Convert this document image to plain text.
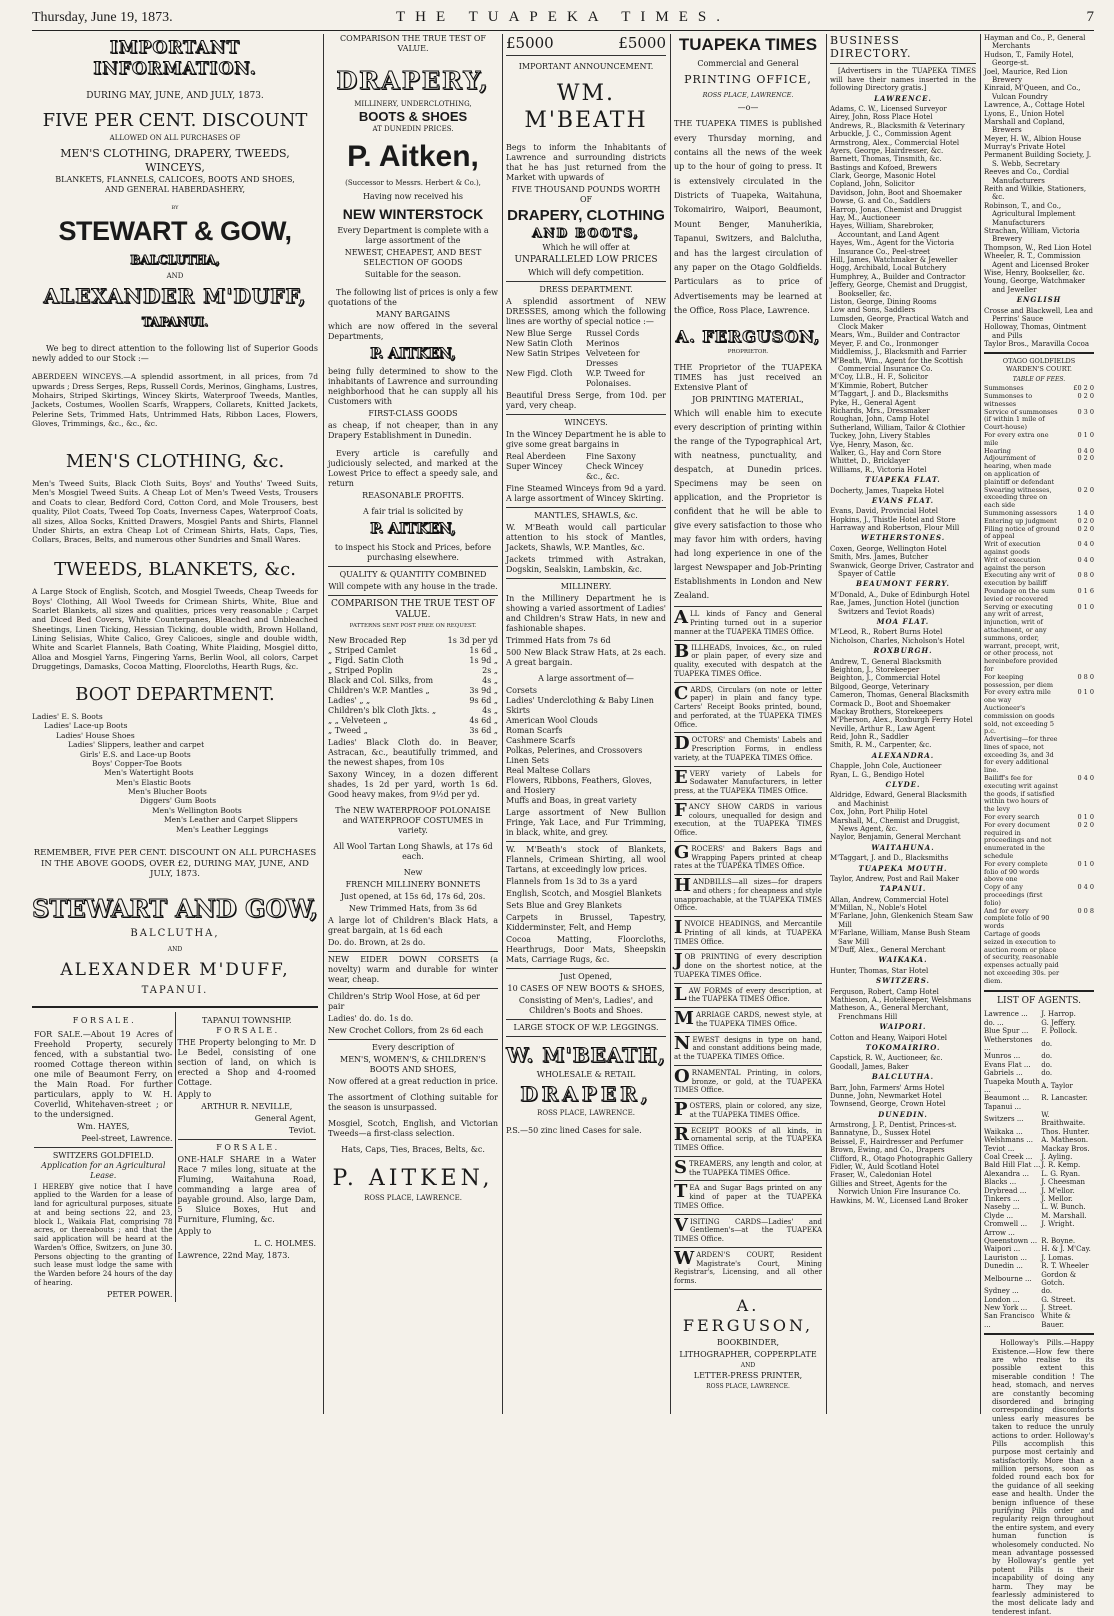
Thursday, June 19, 1873.	THE TUAPEKA TIMES.	7
IMPORTANT INFORMATION.
DURING MAY, JUNE, AND JULY, 1873.
FIVE PER CENT. DISCOUNT
ALLOWED ON ALL PURCHASES OF
MEN'S CLOTHING, DRAPERY, TWEEDS, WINCEYS,
BLANKETS, FLANNELS, CALICOES, BOOTS AND SHOES,
AND GENERAL HABERDASHERY,
BY
STEWART & GOW,
BALCLUTHA,
AND
ALEXANDER M'DUFF,
TAPANUI.

We beg to direct attention to the following list of Superior Goods newly added to our Stock :—

ABERDEEN WINCEYS.—A splendid assortment, in all prices, from 7d upwards ; Dress Serges, Reps, Russell Cords, Merinos, Ginghams, Lustres, Mohairs, Striped Skirtings, Wincey Skirts, Waterproof Tweeds, Mantles, Jackets, Costumes, Woollen Scarfs, Wrappers, Collarets, Knitted Jackets, Pelerine Sets, Trimmed Hats, Untrimmed Hats, Ribbon Laces, Flowers, Gloves, Trimmings, &c., &c., &c.

MEN'S CLOTHING, &c.

Men's Tweed Suits, Black Cloth Suits, Boys' and Youths' Tweed Suits, Men's Mosgiel Tweed Suits. A Cheap Lot of Men's Tweed Vests, Trousers and Coats to clear, Bedford Cord, Cotton Cord, and Mole Trousers, best quality, Pilot Coats, Tweed Top Coats, Inverness Capes, Waterproof Coats, all sizes, Alloa Socks, Knitted Drawers, Mosgiel Pants and Shirts, Flannel Under Shirts, an extra Cheap Lot of Crimean Shirts, Hats, Caps, Ties, Collars, Braces, Belts, and numerous other Sundries and Small Wares.

TWEEDS, BLANKETS, &c.

A Large Stock of English, Scotch, and Mosgiel Tweeds, Cheap Tweeds for Boys' Clothing, All Wool Tweeds for Crimean Shirts, White, Blue and Scarlet Blankets, all sizes and qualities, prices very reasonable ; Carpet and Diced Bed Covers, White Counterpanes, Bleached and Unbleached Sheetings, Linen Ticking, Hessian Ticking, double width, Brown Holland, Lining Selisias, White Calico, Grey Calicoes, single and double width, White and Scarlet Flannels, Bath Coating, White Plaiding, Mosgiel ditto, Alloa and Mosgiel Yarns, Fingering Yarns, Berlin Wool, all colors, Carpet Druggetings, Damasks, Cocoa Matting, Floorcloths, Hearth Rugs, &c.

BOOT DEPARTMENT.
Ladies' E. S. Boots
Ladies' Lace-up Boots
Ladies' House Shoes
Ladies' Slippers, leather and carpet
Girls' E.S. and Lace-up Boots
Boys' Copper-Toe Boots
Men's Watertight Boots
Men's Elastic Boots
Men's Blucher Boots
Diggers' Gum Boots
Men's Wellington Boots
Men's Leather and Carpet Slippers
Men's Leather Leggings

REMEMBER, FIVE PER CENT. DISCOUNT ON ALL PURCHASES IN THE ABOVE GOODS, OVER £2, DURING MAY, JUNE, AND JULY, 1873.

STEWART AND GOW,
BALCLUTHA,
AND
ALEXANDER M'DUFF,
TAPANUI.
F O R S A L E .

FOR SALE.—About 19 Acres of Freehold Property, securely fenced, with a substantial two-roomed Cottage thereon within one mile of Beaumont Ferry, on the Main Road. For further particulars, apply to W. H. Coverlid, Whitehaven-street ; or to the undersigned.

Wm. HAYES,

Peel-street, Lawrence.

SWITZERS GOLDFIELD.
Application for an Agricultural Lease.

I HEREBY give notice that I have applied to the Warden for a lease of land for agricultural purposes, situate at and being sections 22, and 23, block I., Waikaia Flat, comprising 78 acres, or thereabouts ; and that the said application will be heard at the Warden's Office, Switzers, on June 30. Persons objecting to the granting of such lease must lodge the same with the Warden before 24 hours of the day of hearing.

PETER POWER.

TAPANUI TOWNSHIP.
F O R S A L E .

THE Property belonging to Mr. D Le Bedel, consisting of one section of land, on which is erected a Shop and 4-roomed Cottage.

Apply to

ARTHUR R. NEVILLE,

General Agent,

Teviot.

F O R S A L E .

ONE-HALF SHARE in a Water Race 7 miles long, situate at the Fluming, Waitahuna Road, commanding a large area of payable ground. Also, large Dam, 5 Sluice Boxes, Hut and Furniture, Fluming, &c.

Apply to

L. C. HOLMES.

Lawrence, 22nd May, 1873.

COMPARISON THE TRUE TEST OF VALUE.
DRAPERY,
MILLINERY, UNDERCLOTHING,
BOOTS & SHOES
AT DUNEDIN PRICES.
P. Aitken,
(Successor to Messrs. Herbert & Co.),
Having now received his
NEW WINTERSTOCK

Every Department is complete with a large assortment of the

NEWEST, CHEAPEST, AND BEST SELECTION OF GOODS

Suitable for the season.

The following list of prices is only a few quotations of the

MANY BARGAINS

which are now offered in the several Departments,

P. AITKEN,

being fully determined to show to the inhabitants of Lawrence and surrounding neighborhood that he can supply all his Customers with

FIRST-CLASS GOODS

as cheap, if not cheaper, than in any Drapery Establishment in Dunedin.

Every article is carefully and judiciously selected, and marked at the Lowest Price to effect a speedy sale, and return

REASONABLE PROFITS.

A fair trial is solicited by

P. AITKEN,

to inspect his Stock and Prices, before purchasing elsewhere.

QUALITY & QUANTITY COMBINED

Will compete with any house in the trade.

COMPARISON THE TRUE TEST OF VALUE.

PATTERNS SENT POST FREE ON REQUEST.

New Brocaded Rep	1s 3d per yd
„ Striped Camlet	1s 6d „
„ Figd. Satin Cloth	1s 9d „
„ Striped Poplin	2s „
Black and Col. Silks, from	4s „
Children's W.P. Mantles „	3s 9d „
Ladies' „ „	9s 6d „
Children's blk Cloth Jkts. „	4s „
„ „ Velveteen „	4s 6d „
„ Tweed „	3s 6d „

Ladies' Black Cloth do. in Beaver, Astracan, &c., beautifully trimmed, and the newest shapes, from 10s

Saxony Wincey, in a dozen different shades, 1s 2d per yard, worth 1s 6d. Good heavy makes, from 9½d per yd.

The NEW WATERPROOF POLONAISE and WATERPROOF COSTUMES in variety.

All Wool Tartan Long Shawls, at 17s 6d each.

New

FRENCH MILLINERY BONNETS

Just opened, at 15s 6d, 17s 6d, 20s.

New Trimmed Hats, from 3s 6d

A large lot of Children's Black Hats, a great bargain, at 1s 6d each

Do. do. Brown, at 2s do.

NEW EIDER DOWN CORSETS (a novelty) warm and durable for winter wear, cheap.

Children's Strip Wool Hose, at 6d per pair

Ladies' do. do. 1s do.

New Crochet Collors, from 2s 6d each

Every description of

MEN'S, WOMEN'S, & CHILDREN'S BOOTS AND SHOES,

Now offered at a great reduction in price.

The assortment of Clothing suitable for the season is unsurpassed.

Mosgiel, Scotch, English, and Victorian Tweeds—a first-class selection.

Hats, Caps, Ties, Braces, Belts, &c.

P. AITKEN,

ROSS PLACE, LAWRENCE.

£5000	£5000
IMPORTANT ANNOUNCEMENT.
WM. M'BEATH

Begs to inform the Inhabitants of Lawrence and surrounding districts that he has just returned from the Market with upwards of

FIVE THOUSAND POUNDS WORTH OF

DRAPERY, CLOTHING
AND BOOTS,

Which he will offer at

UNPARALLELED LOW PRICES

Which will defy competition.

DRESS DEPARTMENT.

A splendid assortment of NEW DRESSES, among which the following lines are worthy of special notice :—

New Blue Serge	Russel Cords
New Satin Cloth	Merinos
New Satin Stripes Velveteen for Dresses
New Figd. Cloth	W.P. Tweed for Polonaises.

Beautiful Dress Serge, from 10d. per yard, very cheap.

WINCEYS.

In the Wincey Department he is able to give some great bargains in

Real Aberdeen	Fine Saxony
Super Wincey	Check Wincey
&c., &c.

Fine Steamed Winceys from 9d a yard. A large assortment of Wincey Skirting.

MANTLES, SHAWLS, &c.

W. M'Beath would call particular attention to his stock of Mantles, Jackets, Shawls, W.P. Mantles, &c.

Jackets trimmed with Astrakan, Dogskin, Sealskin, Lambskin, &c.

MILLINERY.

In the Millinery Department he is showing a varied assortment of Ladies' and Children's Straw Hats, in new and fashionable shapes.

Trimmed Hats from 7s 6d

500 New Black Straw Hats, at 2s each. A great bargain.

A large assortment of—

Corsets
Ladies' Underclothing & Baby Linen
Skirts
American Wool Clouds
Roman Scarfs
Cashmere Scarfs
Polkas, Pelerines, and Crossovers
Linen Sets
Real Maltese Collars
Flowers, Ribbons, Feathers, Gloves, and Hosiery
Muffs and Boas, in great variety

Large assortment of New Bullion Fringe, Yak Lace, and Fur Trimming, in black, white, and grey.

W. M'Beath's stock of Blankets, Flannels, Crimean Shirting, all wool Tartans, at exceedingly low prices.

Flannels from 1s 3d to 3s a yard

English, Scotch, and Mosgiel Blankets

Sets Blue and Grey Blankets

Carpets in Brussel, Tapestry, Kidderminster, Felt, and Hemp

Cocoa Matting, Floorcloths, Hearthrugs, Door Mats, Sheepskin Mats, Carriage Rugs, &c.

Just Opened,

10 CASES OF NEW BOOTS & SHOES,

Consisting of Men's, Ladies', and Children's Boots and Shoes.

LARGE STOCK OF W.P. LEGGINGS.

W. M'BEATH,

WHOLESALE & RETAIL

DRAPER,

ROSS PLACE, LAWRENCE.

P.S.—50 zinc lined Cases for sale.

TUAPEKA TIMES

Commercial and General

PRINTING OFFICE,

ROSS PLACE, LAWRENCE.

—o—

THE TUAPEKA TIMES is published every Thursday morning, and contains all the news of the week up to the hour of going to press. It is extensively circulated in the Districts of Tuapeka, Waitahuna, Tokomairiro, Waipori, Beaumont, Mount Benger, Manuherikia, Tapanui, Switzers, and Balclutha, and has the largest circulation of any paper on the Otago Goldfields. Particulars as to price of Advertisements may be learned at the Office, Ross Place, Lawrence.

A. FERGUSON,

PROPRIETOR.

THE Proprietor of the TUAPEKA TIMES has just received an Extensive Plant of

JOB PRINTING MATERIAL,

Which will enable him to execute every description of printing within the range of the Typographical Art, with neatness, punctuality, and despatch, at Dunedin prices. Specimens may be seen on application, and the Proprietor is confident that he will be able to give every satisfaction to those who may favor him with orders, having had long experience in one of the largest Newspaper and Job-Printing Establishments in London and New Zealand.

ALL kinds of Fancy and General Printing turned out in a superior manner at the TUAPEKA TIMES Office.

BILLHEADS, Invoices, &c., on ruled or plain paper, of every size and quality, executed with despatch at the TUAPEKA TIMES Office.

CARDS, Circulars (on note or letter paper) in plain and fancy type. Carters' Receipt Books printed, bound, and perforated, at the TUAPEKA TIMES Office.

DOCTORS' and Chemists' Labels and Prescription Forms, in endless variety, at the TUAPEKA TIMES Office.

EVERY variety of Labels for Sodawater Manufacturers, in letter press, at the TUAPEKA TIMES Office.

FANCY SHOW CARDS in various colours, unequalled for design and execution, at the TUAPEKA TIMES Office.

GROCERS' and Bakers Bags and Wrapping Papers printed at cheap rates at the TUAPEKA TIMES Office.

HANDBILLS—all sizes—for drapers and others ; for cheapness and style unapproachable, at the TUAPEKA TIMES Office.

INVOICE HEADINGS, and Mercantile Printing of all kinds, at TUAPEKA TIMES Office.

JOB PRINTING of every description done on the shortest notice, at the TUAPEKA TIMES Office.

LAW FORMS of every description, at the TUAPEKA TIMES Office.

MARRIAGE CARDS, newest style, at the TUAPEKA TIMES Office.

NEWEST designs in type on hand, and constant additions being made, at the TUAPEKA TIMES Office.

ORNAMENTAL Printing, in colors, bronze, or gold, at the TUAPEKA TIMES Office.

POSTERS, plain or colored, any size, at the TUAPEKA TIMES Office.

RECEIPT BOOKS of all kinds, in ornamental scrip, at the TUAPEKA TIMES Office.

STREAMERS, any length and color, at the TUAPEKA TIMES Office.

TEA and Sugar Bags printed on any kind of paper at the TUAPEKA TIMES Office.

VISITING CARDS—Ladies' and Gentlemen's—at the TUAPEKA TIMES Office.

WARDEN'S COURT, Resident Magistrate's Court, Mining Registrar's, Licensing, and all other forms.

A. FERGUSON,

BOOKBINDER,

LITHOGRAPHER, COPPERPLATE

AND

LETTER-PRESS PRINTER,

ROSS PLACE, LAWRENCE.

BUSINESS DIRECTORY.

[Advertisers in the TUAPEKA TIMES will have their names inserted in the following Directory gratis.]

LAWRENCE.

Adams, C. W., Licensed Surveyor

Airey, John, Ross Place Hotel

Andrews, R., Blacksmith & Veterinary

Arbuckle, J. C., Commission Agent

Armstrong, Alex., Commercial Hotel

Ayers, George, Hairdresser, &c.

Barnett, Thomas, Tinsmith, &c.

Bastings and Kofoed, Brewers

Clark, George, Masonic Hotel

Copland, John, Solicitor

Davidson, John, Boot and Shoemaker

Dowse, G. and Co., Saddlers

Harrop, Jonas, Chemist and Druggist

Hay, M., Auctioneer

Hayes, William, Sharebroker, Accountant, and Land Agent

Hayes, Wm., Agent for the Victoria Insurance Co., Peel-street

Hill, James, Watchmaker & Jeweller

Hogg, Archibald, Local Butchery

Humphrey, A., Builder and Contractor

Jeffery, George, Chemist and Druggist, Bookseller, &c.

Liston, George, Dining Rooms

Low and Sons, Saddlers

Lumsden, George, Practical Watch and Clock Maker

Mears, Wm., Builder and Contractor

Meyer, F. and Co., Ironmonger

Middlemiss, J., Blacksmith and Farrier

M'Beath, Wm., Agent for the Scottish Commercial Insurance Co.

M'Coy, Ll.B., H. F., Solicitor

M'Kimmie, Robert, Butcher

M'Taggart, J. and D., Blacksmiths

Pyke, H., General Agent

Richards, Mrs., Dressmaker

Roughan, John, Camp Hotel

Sutherland, William, Tailor & Clothier

Tuckey, John, Livery Stables

Vye, Henry, Mason, &c.

Walker, G., Hay and Corn Store

Whittet, D., Bricklayer

Williams, R., Victoria Hotel

TUAPEKA FLAT.

Docherty, James, Tuapeka Hotel

EVANS FLAT.

Evans, David, Provincial Hotel

Hopkins, J., Thistle Hotel and Store

Harraway and Robertson, Flour Mill

WETHERSTONES.

Coxen, George, Wellington Hotel

Smith, Mrs. James, Butcher

Swanwick, George Driver, Castrator and Spayer of Cattle

BEAUMONT FERRY.

M'Donald, A., Duke of Edinburgh Hotel

Rae, James, Junction Hotel (junction Switzers and Teviot Roads)

MOA FLAT.

M'Leod, R., Robert Burns Hotel

Nicholson, Charles, Nicholson's Hotel

ROXBURGH.

Andrew, T., General Blacksmith

Beighton, J., Storekeeper

Beighton, J., Commercial Hotel

Bilgood, George, Veterinary

Cameron, Thomas, General Blacksmith

Cormack D., Boot and Shoemaker

Mackay Brothers, Storekeepers

M'Pherson, Alex., Roxburgh Ferry Hotel

Neville, Arthur R., Law Agent

Reid, John R., Saddler

Smith, R. M., Carpenter, &c.

ALEXANDRA.

Chapple, John Cole, Auctioneer

Ryan, L. G., Bendigo Hotel

CLYDE.

Aldridge, Edward, General Blacksmith and Machinist

Cox, John, Port Philip Hotel

Marshall, M., Chemist and Druggist, News Agent, &c.

Naylor, Benjamin, General Merchant

WAITAHUNA.

M'Taggart, J. and D., Blacksmiths

TUAPEKA MOUTH.

Taylor, Andrew, Post and Rail Maker

TAPANUI.

Allan, Andrew, Commercial Hotel

M'Millan, N., Noble's Hotel

M'Farlane, John, Glenkenich Steam Saw Mill

M'Farlane, William, Manse Bush Steam Saw Mill

M'Duff, Alex., General Merchant

WAIKAKA.

Hunter, Thomas, Star Hotel

SWITZERS.

Ferguson, Robert, Camp Hotel

Mathieson, A., Hotelkeeper, Welshmans

Matheson, A., General Merchant, Frenchmans Hill

WAIPORI.

Cotton and Heany, Waipori Hotel

TOKOMAIRIRO.

Capstick, R. W., Auctioneer, &c.

Goodall, James, Baker

BALCLUTHA.

Barr, John, Farmers' Arms Hotel

Dunne, John, Newmarket Hotel

Townsend, George, Crown Hotel

DUNEDIN.

Armstrong, J. P., Dentist, Princes-st.

Bannatyne, D., Sussex Hotel

Beissel, F., Hairdresser and Perfumer

Brown, Ewing, and Co., Drapers

Clifford, R., Otago Photographic Gallery

Fidler, W., Auld Scotland Hotel

Fraser, W., Caledonian Hotel

Gillies and Street, Agents for the Norwich Union Fire Insurance Co.

Hawkins, M. W., Licensed Land Broker

Hayman and Co., P., General Merchants

Hudson, T., Family Hotel, George-st.

Joel, Maurice, Red Lion Brewery

Kinraid, M'Queen, and Co., Vulcan Foundry

Lawrence, A., Cottage Hotel

Lyons, E., Union Hotel

Marshall and Copland, Brewers

Meyer, H. W., Albion House

Murray's Private Hotel

Permanent Building Society, J. S. Webb, Secretary

Reeves and Co., Cordial Manufacturers

Reith and Wilkie, Stationers, &c.

Robinson, T., and Co., Agricultural Implement Manufacturers

Strachan, William, Victoria Brewery

Thompson, W., Red Lion Hotel

Wheeler, R. T., Commission Agent and Licensed Broker

Wise, Henry, Bookseller, &c.

Young, George, Watchmaker and Jeweller

ENGLISH

Crosse and Blackwell, Lea and Perrins' Sauce

Holloway, Thomas, Ointment and Pills

Taylor Bros., Maravilla Cocoa

OTAGO GOLDFIELDS WARDEN'S COURT.
TABLE OF FEES.
Summonses	£0 2 0
Summonses to witnesses	0 2 0
Service of summonses (if within 1 mile of Court-house)	0 3 0
For every extra one mile	0 1 0
Hearing	0 4 0
Adjournment of hearing, when made on application of plaintiff or defendant	0 2 0
Swearing witnesses, exceeding three on each side	0 2 0
Summoning assessors	1 4 0
Entering up judgment	0 2 0
Filing notice of ground of appeal	0 2 0
Writ of execution against goods	0 4 0
Writ of execution against the person	0 4 0
Executing any writ of execution by bailiff	0 8 0
Poundage on the sum levied or recovered	0 1 6
Serving or executing any writ of arrest, injunction, writ of attachment, or any summons, order, warrant, precept, writ, or other process, not hereinbefore provided for	0 1 0
For keeping possession, per diem	0 8 0
For every extra mile one way	0 1 0
Auctioneer's commission on goods sold, not exceeding 5 p.c.	
Advertising—for three lines of space, not exceeding 3s, and 3d for every additional line.	
Bailiff's fee for executing writ against the goods, if satisfied within two hours of the levy	0 4 0
For every search	0 1 0
For every document required in proceedings and not enumerated in the schedule	0 2 0
For every complete folio of 90 words above one	0 1 0
Copy of any proceedings (first folio)	0 4 0
And for every complete folio of 90 words	0 0 8
Cartage of goods seized in execution to auction room or place of security, reasonable expenses actually paid not exceeding 30s. per diem.	
LIST OF AGENTS.
Lawrence ...	J. Harrop.
do. ...	G. Jeffery.
Blue Spur ...	F. Pollock.
Wetherstones ...	do.
Munros ...	do.
Evans Flat ...	do.
Gabriels ...	do.
Tuapeka Mouth ...	A. Taylor
Beaumont ...	R. Lancaster.
Tapanui ...	
Switzers ...	W. Braithwaite.
Waikaka ...	Thos. Hunter.
Welshmans ...	A. Matheson.
Teviot ...	Mackay Bros.
Coal Creek ...	J. Ayling.
Bald Hill Flat ...	J. R. Kemp.
Alexandra ...	L. G. Ryan.
Blacks ...	J. Cheesman
Drybread ...	J. M'ellor.
Tinkers ...	J. Mellor.
Naseby ...	L. W. Bunch.
Clyde ...	M. Marshall.
Cromwell ...	J. Wright.
Arrow ...	
Queenstown ...	R. Boyne.
Waipori ...	H. & J. M'Cay.
Lauriston ...	J. Lomas.
Dunedin ...	R. T. Wheeler
Melbourne ...	Gordon & Gotch.
Sydney ...	do.
London ...	G. Street.
New York ...	J. Street.
San Francisco ...	White & Bauer.

Holloway's Pills.—Happy Existence.—How few there are who realise to its possible extent this miserable condition ! The head, stomach, and nerves are constantly becoming disordered and bringing corresponding discomforts unless early measures be taken to reduce the unruly actions to order. Holloway's Pills accomplish this purpose most certainly and satisfactorily. More than a million persons, soon as folded round each box for the guidance of all seeking ease and health. Under the benign influence of these purifying Pills order and regularity reign throughout the entire system, and every human function is wholesomely conducted. No mean advantage possessed by Holloway's gentle yet potent Pills is their incapability of doing any harm. They may be fearlessly administered to the most delicate lady and tenderest infant.
